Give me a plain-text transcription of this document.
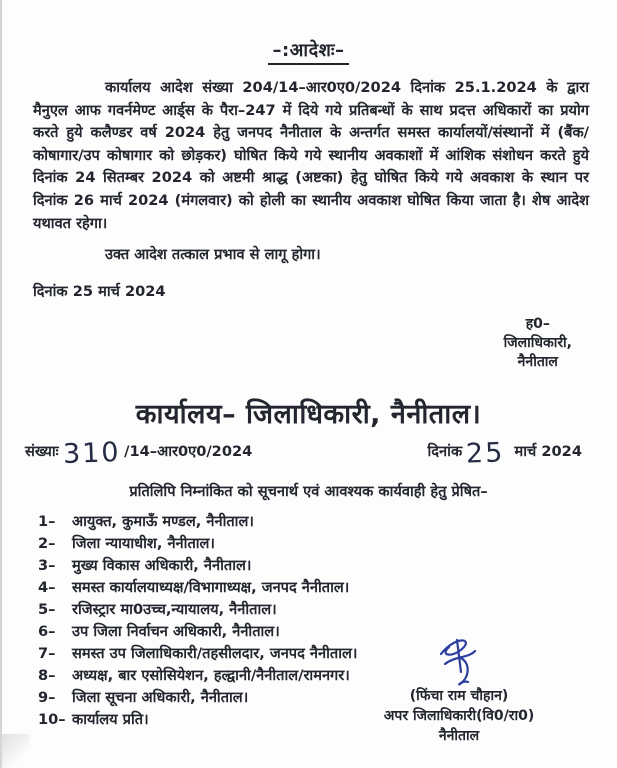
–:आदेशः–

कार्यालय आदेश संख्या 204/14–आर0ए0/2024 दिनांक 25.1.2024 के द्वारा मैनुएल आफ गवर्नमेण्ट आर्ड्स के पैरा–247 में दिये गये प्रतिबन्धों के साथ प्रदत्त अधिकारों का प्रयोग करते हुये कलैण्डर वर्ष 2024 हेतु जनपद नैनीताल के अन्तर्गत समस्त कार्यालयों/संस्थानों में (बैंक/कोषागार/उप कोषागार को छोड़कर) घोषित किये गये स्थानीय अवकाशों में आंशिक संशोधन करते हुये दिनांक 24 सितम्बर 2024 को अष्टमी श्राद्ध (अष्टका) हेतु घोषित किये गये अवकाश के स्थान पर दिनांक 26 मार्च 2024 (मंगलवार) को होली का स्थानीय अवकाश घोषित किया जाता है। शेष आदेश यथावत रहेगा।

उक्त आदेश तत्काल प्रभाव से लागू होगा।

दिनांक 25 मार्च 2024
ह0–
जिलाधिकारी,
नैनीताल
कार्यालय– जिलाधिकारी, नैनीताल।
संख्याः 310 /14–आर0ए0/2024	दिनांक 25 मार्च 2024
प्रतिलिपि निम्नांकित को सूचनार्थ एवं आवश्यक कार्यवाही हेतु प्रेषित–
1–	आयुक्त, कुमाऊँ मण्डल, नैनीताल।
2–	जिला न्यायाधीश, नैनीताल।
3–	मुख्य विकास अधिकारी, नैनीताल।
4–	समस्त कार्यालयाध्यक्ष/विभागाध्यक्ष, जनपद नैनीताल।
5–	रजिस्ट्रार मा0उच्च,न्यायालय, नैनीताल।
6–	उप जिला निर्वाचन अधिकारी, नैनीताल।
7–	समस्त उप जिलाधिकारी/तहसीलदार, जनपद नैनीताल।
8–	अध्यक्ष, बार एसोसियेशन, हल्द्वानी/नैनीताल/रामनगर।
9–	जिला सूचना अधिकारी, नैनीताल।
10– कार्यालय प्रति।
(फिंचा राम चौहान)
अपर जिलाधिकारी(वि0/रा0)
नैनीताल
